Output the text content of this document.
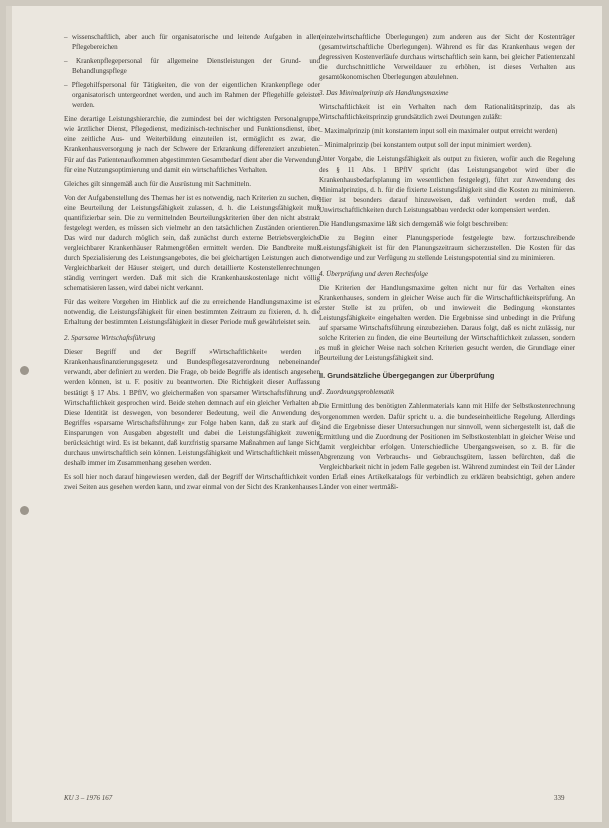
– wissenschaftlich, aber auch für organisatorische und leitende Aufgaben in allen Pflegebereichen

– Krankenpflegepersonal für allgemeine Dienstleistungen der Grund- und Behandlungspflege

– Pflegehilfspersonal für Tätigkeiten, die von der eigentlichen Krankenpflege oder organisatorisch untergeordnet werden, und auch im Rahmen der Pflegehilfe geleistet werden.

Eine derartige Leistungshierarchie, die zumindest bei der wichtigsten Personalgruppe, wie ärztlicher Dienst, Pflegedienst, medizinisch-technischer und Funktionsdienst, über eine zeitliche Aus- und Weiterbildung einzuteilen ist, ermöglicht es zwar, die Krankenhausversorgung je nach der Schwere der Erkrankung differenziert anzubieten. Für auf das Patientenaufkommen abgestimmten Gesamtbedarf dient aber die Verwendung für eine Nutzungsoptimierung und damit ein wirtschaftliches Verhalten.

Gleiches gilt sinngemäß auch für die Ausrüstung mit Sachmitteln.

Von der Aufgabenstellung des Themas her ist es notwendig, nach Kriterien zu suchen, die eine Beurteilung der Leistungsfähigkeit zulassen, d. h. die Leistungsfähigkeit muß quantifizierbar sein. Die zu vermittelnden Beurteilungskriterien über den nicht abstrakt festgelegt werden, es müssen sich vielmehr an den tatsächlichen Zuständen orientieren. Das wird nur dadurch möglich sein, daß zunächst durch externe Betriebsvergleiche vergleichbarer Krankenhäuser Rahmengrößen ermittelt werden. Die Bandbreite muß durch Spezialisierung des Leistungsangebotes, die bei gleichartigen Leistungen auch die Vergleichbarkeit der Häuser steigert, und durch detaillierte Kostenstellenrechnungen ständig verringert werden. Daß mit sich die Krankenhauskostenlage nicht völlig schematisieren lassen, wird dabei nicht verkannt.

Für das weitere Vorgehen im Hinblick auf die zu erreichende Handlungsmaxime ist es notwendig, die Leistungsfähigkeit für einen bestimmten Zeitraum zu fixieren, d. h. die Erhaltung der bestimmten Leistungsfähigkeit in dieser Periode muß gewährleistet sein.

2. Sparsame Wirtschaftsführung

Dieser Begriff und der Begriff »Wirtschaftlichkeit« werden in Krankenhausfinanzierungsgesetz und Bundespflegesatzverordnung nebeneinander verwandt, aber definiert zu werden. Die Frage, ob beide Begriffe als identisch angesehen werden können, ist u. F. positiv zu beantworten. Die Richtigkeit dieser Auffassung bestätigt § 17 Abs. 1 BPflV, wo gleichermaßen von sparsamer Wirtschaftsführung und Wirtschaftlichkeit gesprochen wird. Beide stehen demnach auf ein gleicher Verhalten ab. Diese Identität ist deswegen, von besonderer Bedeutung, weil die Anwendung des Begriffes »sparsame Wirtschaftsführung« zur Folge haben kann, daß zu stark auf die Einsparungen von Ausgaben abgestellt und dabei die Leistungsfähigkeit zuwenig berücksichtigt wird. Es ist bekannt, daß kurzfristig sparsame Maßnahmen auf lange Sicht durchaus unwirtschaftlich sein können. Leistungsfähigkeit und Wirtschaftlichkeit müssen deshalb immer im Zusammenhang gesehen werden.

Es soll hier noch darauf hingewiesen werden, daß der Begriff der Wirtschaftlichkeit von zwei Seiten aus gesehen werden kann, und zwar einmal von der Sicht des Krankenhauses

(einzelwirtschaftliche Überlegungen) zum anderen aus der Sicht der Kostenträger (gesamtwirtschaftliche Überlegungen). Während es für das Krankenhaus wegen der degressiven Kostenverläufe durchaus wirtschaftlich sein kann, bei gleicher Patientenzahl die durchschnittliche Verweildauer zu erhöhen, ist dieses Verhalten aus gesamtökonomischen Überlegungen abzulehnen.

3. Das Minimalprinzip als Handlungsmaxime

Wirtschaftlichkeit ist ein Verhalten nach dem Rationalitätsprinzip, das als Wirtschaftlichkeitsprinzip grundsätzlich zwei Deutungen zuläßt:

– Maximalprinzip (mit konstantem input soll ein maximaler output erreicht werden)

– Minimalprinzip (bei konstantem output soll der input minimiert werden).

Unter Vorgabe, die Leistungsfähigkeit als output zu fixieren, wofür auch die Regelung des § 11 Abs. 1 BPflV spricht (das Leistungsangebot wird über die Krankenhausbedarfsplanung im wesentlichen festgelegt), führt zur Anwendung des Minimalprinzips, d. h. für die fixierte Leistungsfähigkeit sind die Kosten zu minimieren. Hier ist besonders darauf hinzuweisen, daß verhindert werden muß, daß Unwirtschaftlichkeiten durch Leistungsabbau verdeckt oder kompensiert werden.

Die Handlungsmaxime läßt sich demgemäß wie folgt beschreiben:

Die zu Beginn einer Planungsperiode festgelegte bzw. fortzuschreibende Leistungsfähigkeit ist für den Planungszeitraum sicherzustellen. Die Kosten für das notwendige und zur Verfügung zu stellende Leistungspotential sind zu minimieren.

4. Überprüfung und deren Rechtsfolge

Die Kriterien der Handlungsmaxime gelten nicht nur für das Verhalten eines Krankenhauses, sondern in gleicher Weise auch für die Wirtschaftlichkeitsprüfung. An erster Stelle ist zu prüfen, ob und inwieweit die Bedingung »konstantes Leistungsfähigkeit« eingehalten werden. Die Ergebnisse sind unbedingt in die Prüfung auf sparsame Wirtschaftsführung einzubeziehen. Daraus folgt, daß es nicht zulässig, nur solche Kriterien zu finden, die eine Beurteilung der Wirtschaftlichkeit zulassen, sondern es muß in gleicher Weise nach solchen Kriterien gesucht werden, die Grundlage einer Beurteilung der Leistungsfähigkeit sind.

II. Grundsätzliche Übergegangen zur Überprüfung
1. Zuordnungsproblematik

Die Ermittlung des benötigten Zahlenmaterials kann mit Hilfe der Selbstkostenrechnung vorgenommen werden. Dafür spricht u. a. die bundeseinheitliche Regelung. Allerdings sind die Ergebnisse dieser Untersuchungen nur sinnvoll, wenn sichergestellt ist, daß die Ermittlung und die Zuordnung der Positionen im Selbstkostenblatt in gleicher Weise und damit vergleichbar erfolgen. Unterschiedliche Ubergangsweisen, so z. B. für die Abgrenzung von Verbrauchs- und Gebrauchsgütern, lassen befürchten, daß die Vergleichbarkeit nicht in jedem Falle gegeben ist. Während zumindest ein Teil der Länder den Erlaß eines Artikelkatalogs für verbindlich zu erklären beabsichtigt, gehen andere Länder von einer wertmäßi-

KU 3 – 1976 167	339
